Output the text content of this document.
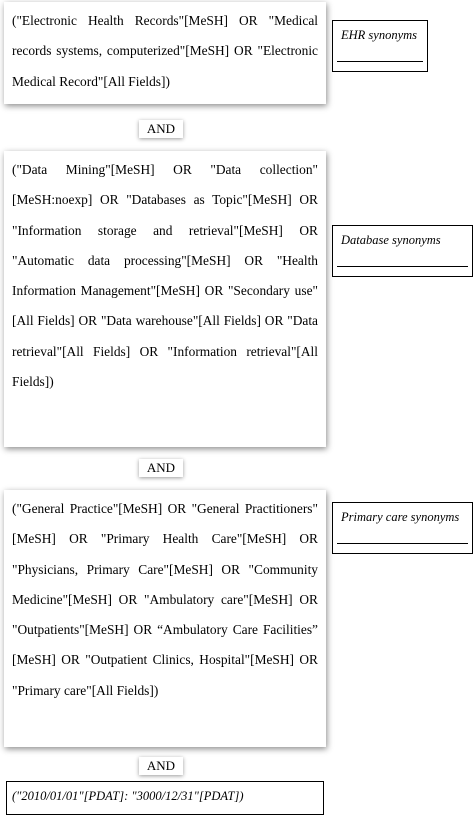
("Electronic Health Records"[MeSH] OR "Medical records systems, computerized"[MeSH] OR "Electronic Medical Record"[All Fields])

EHR synonyms
AND

("Data Mining"[MeSH] OR "Data collection"[MeSH:noexp] OR "Databases as Topic"[MeSH] OR "Information storage and retrieval"[MeSH] OR "Automatic data processing"[MeSH] OR "Health Information Management"[MeSH] OR "Secondary use"[All Fields] OR "Data warehouse"[All Fields] OR "Data retrieval"[All Fields] OR "Information retrieval"[All Fields])

Database synonyms
AND

("General Practice"[MeSH] OR "General Practitioners"[MeSH] OR "Primary Health Care"[MeSH] OR "Physicians, Primary Care"[MeSH] OR "Community Medicine"[MeSH] OR "Ambulatory care"[MeSH] OR "Outpatients"[MeSH] OR “Ambulatory Care Facilities” [MeSH] OR "Outpatient Clinics, Hospital"[MeSH] OR "Primary care"[All Fields])

Primary care synonyms
AND
("2010/01/01"[PDAT]: "3000/12/31"[PDAT])
